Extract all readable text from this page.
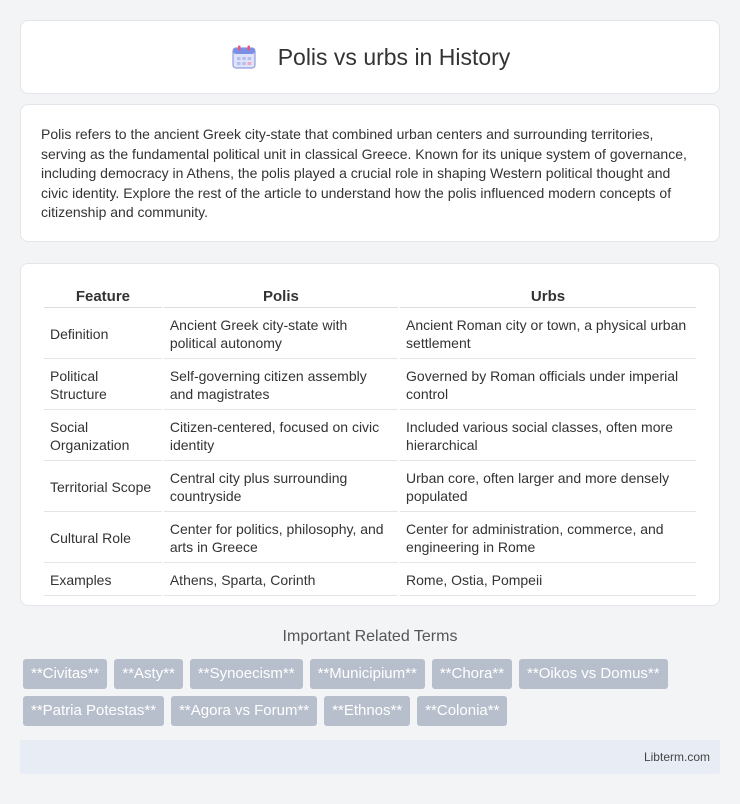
Polis vs urbs in History

Polis refers to the ancient Greek city-state that combined urban centers and surrounding territories, serving as the fundamental political unit in classical Greece. Known for its unique system of governance, including democracy in Athens, the polis played a crucial role in shaping Western political thought and civic identity. Explore the rest of the article to understand how the polis influenced modern concepts of citizenship and community.

Feature	Polis	Urbs
Definition	Ancient Greek city-state with political autonomy	Ancient Roman city or town, a physical urban settlement
Political Structure	Self-governing citizen assembly and magistrates	Governed by Roman officials under imperial control
Social Organization	Citizen-centered, focused on civic identity	Included various social classes, often more hierarchical
Territorial Scope	Central city plus surrounding countryside	Urban core, often larger and more densely populated
Cultural Role	Center for politics, philosophy, and arts in Greece	Center for administration, commerce, and engineering in Rome
Examples	Athens, Sparta, Corinth	Rome, Ostia, Pompeii
Important Related Terms
**Civitas**	**Asty**	**Synoecism**	**Municipium**	**Chora**	**Oikos vs Domus**
**Patria Potestas**	**Agora vs Forum**	**Ethnos**	**Colonia**
Libterm.com
